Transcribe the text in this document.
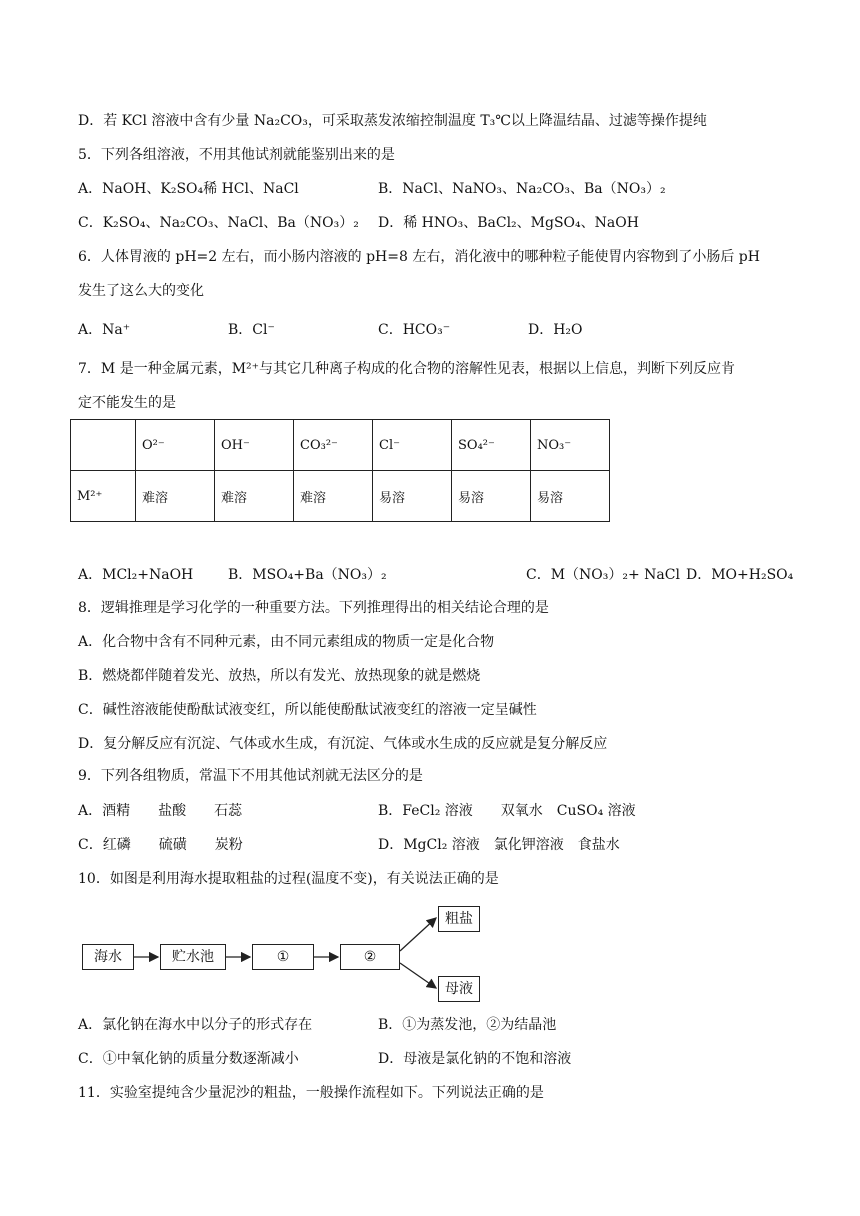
D．若 KCl 溶液中含有少量 Na₂CO₃，可采取蒸发浓缩控制温度 T₃℃以上降温结晶、过滤等操作提纯
5．下列各组溶液，不用其他试剂就能鉴别出来的是
A．NaOH、K₂SO₄稀 HCl、NaCl	B．NaCl、NaNO₃、Na₂CO₃、Ba（NO₃）₂
C．K₂SO₄、Na₂CO₃、NaCl、Ba（NO₃）₂ D．稀 HNO₃、BaCl₂、MgSO₄、NaOH
6．人体胃液的 pH=2 左右，而小肠内溶液的 pH=8 左右，消化液中的哪种粒子能使胃内容物到了小肠后 pH
发生了这么大的变化
A．Na⁺	B．Cl⁻	C．HCO₃⁻	D．H₂O
7．M 是一种金属元素，M²⁺与其它几种离子构成的化合物的溶解性见表，根据以上信息，判断下列反应肯
定不能发生的是
	O²⁻	OH⁻	CO₃²⁻	Cl⁻	SO₄²⁻	NO₃⁻
M²⁺	难溶	难溶	难溶	易溶	易溶	易溶
A．MCl₂+NaOH B．MSO₄+Ba（NO₃）₂	C．M（NO₃）₂+ NaCl D．MO+H₂SO₄
8．逻辑推理是学习化学的一种重要方法。下列推理得出的相关结论合理的是
A．化合物中含有不同种元素，由不同元素组成的物质一定是化合物
B．燃烧都伴随着发光、放热，所以有发光、放热现象的就是燃烧
C．碱性溶液能使酚酞试液变红，所以能使酚酞试液变红的溶液一定呈碱性
D．复分解反应有沉淀、气体或水生成，有沉淀、气体或水生成的反应就是复分解反应
9．下列各组物质，常温下不用其他试剂就无法区分的是
A．酒精　　盐酸　　石蕊	B．FeCl₂ 溶液　　双氧水　CuSO₄ 溶液
C．红磷　　硫磺　　炭粉	D．MgCl₂ 溶液　氯化钾溶液　食盐水
10．如图是利用海水提取粗盐的过程(温度不变)，有关说法正确的是
海水	贮水池	①	②
粗盐
母液
A．氯化钠在海水中以分子的形式存在	B．①为蒸发池，②为结晶池
C．①中氧化钠的质量分数逐渐减小	D．母液是氯化钠的不饱和溶液
11．实验室提纯含少量泥沙的粗盐，一般操作流程如下。下列说法正确的是
